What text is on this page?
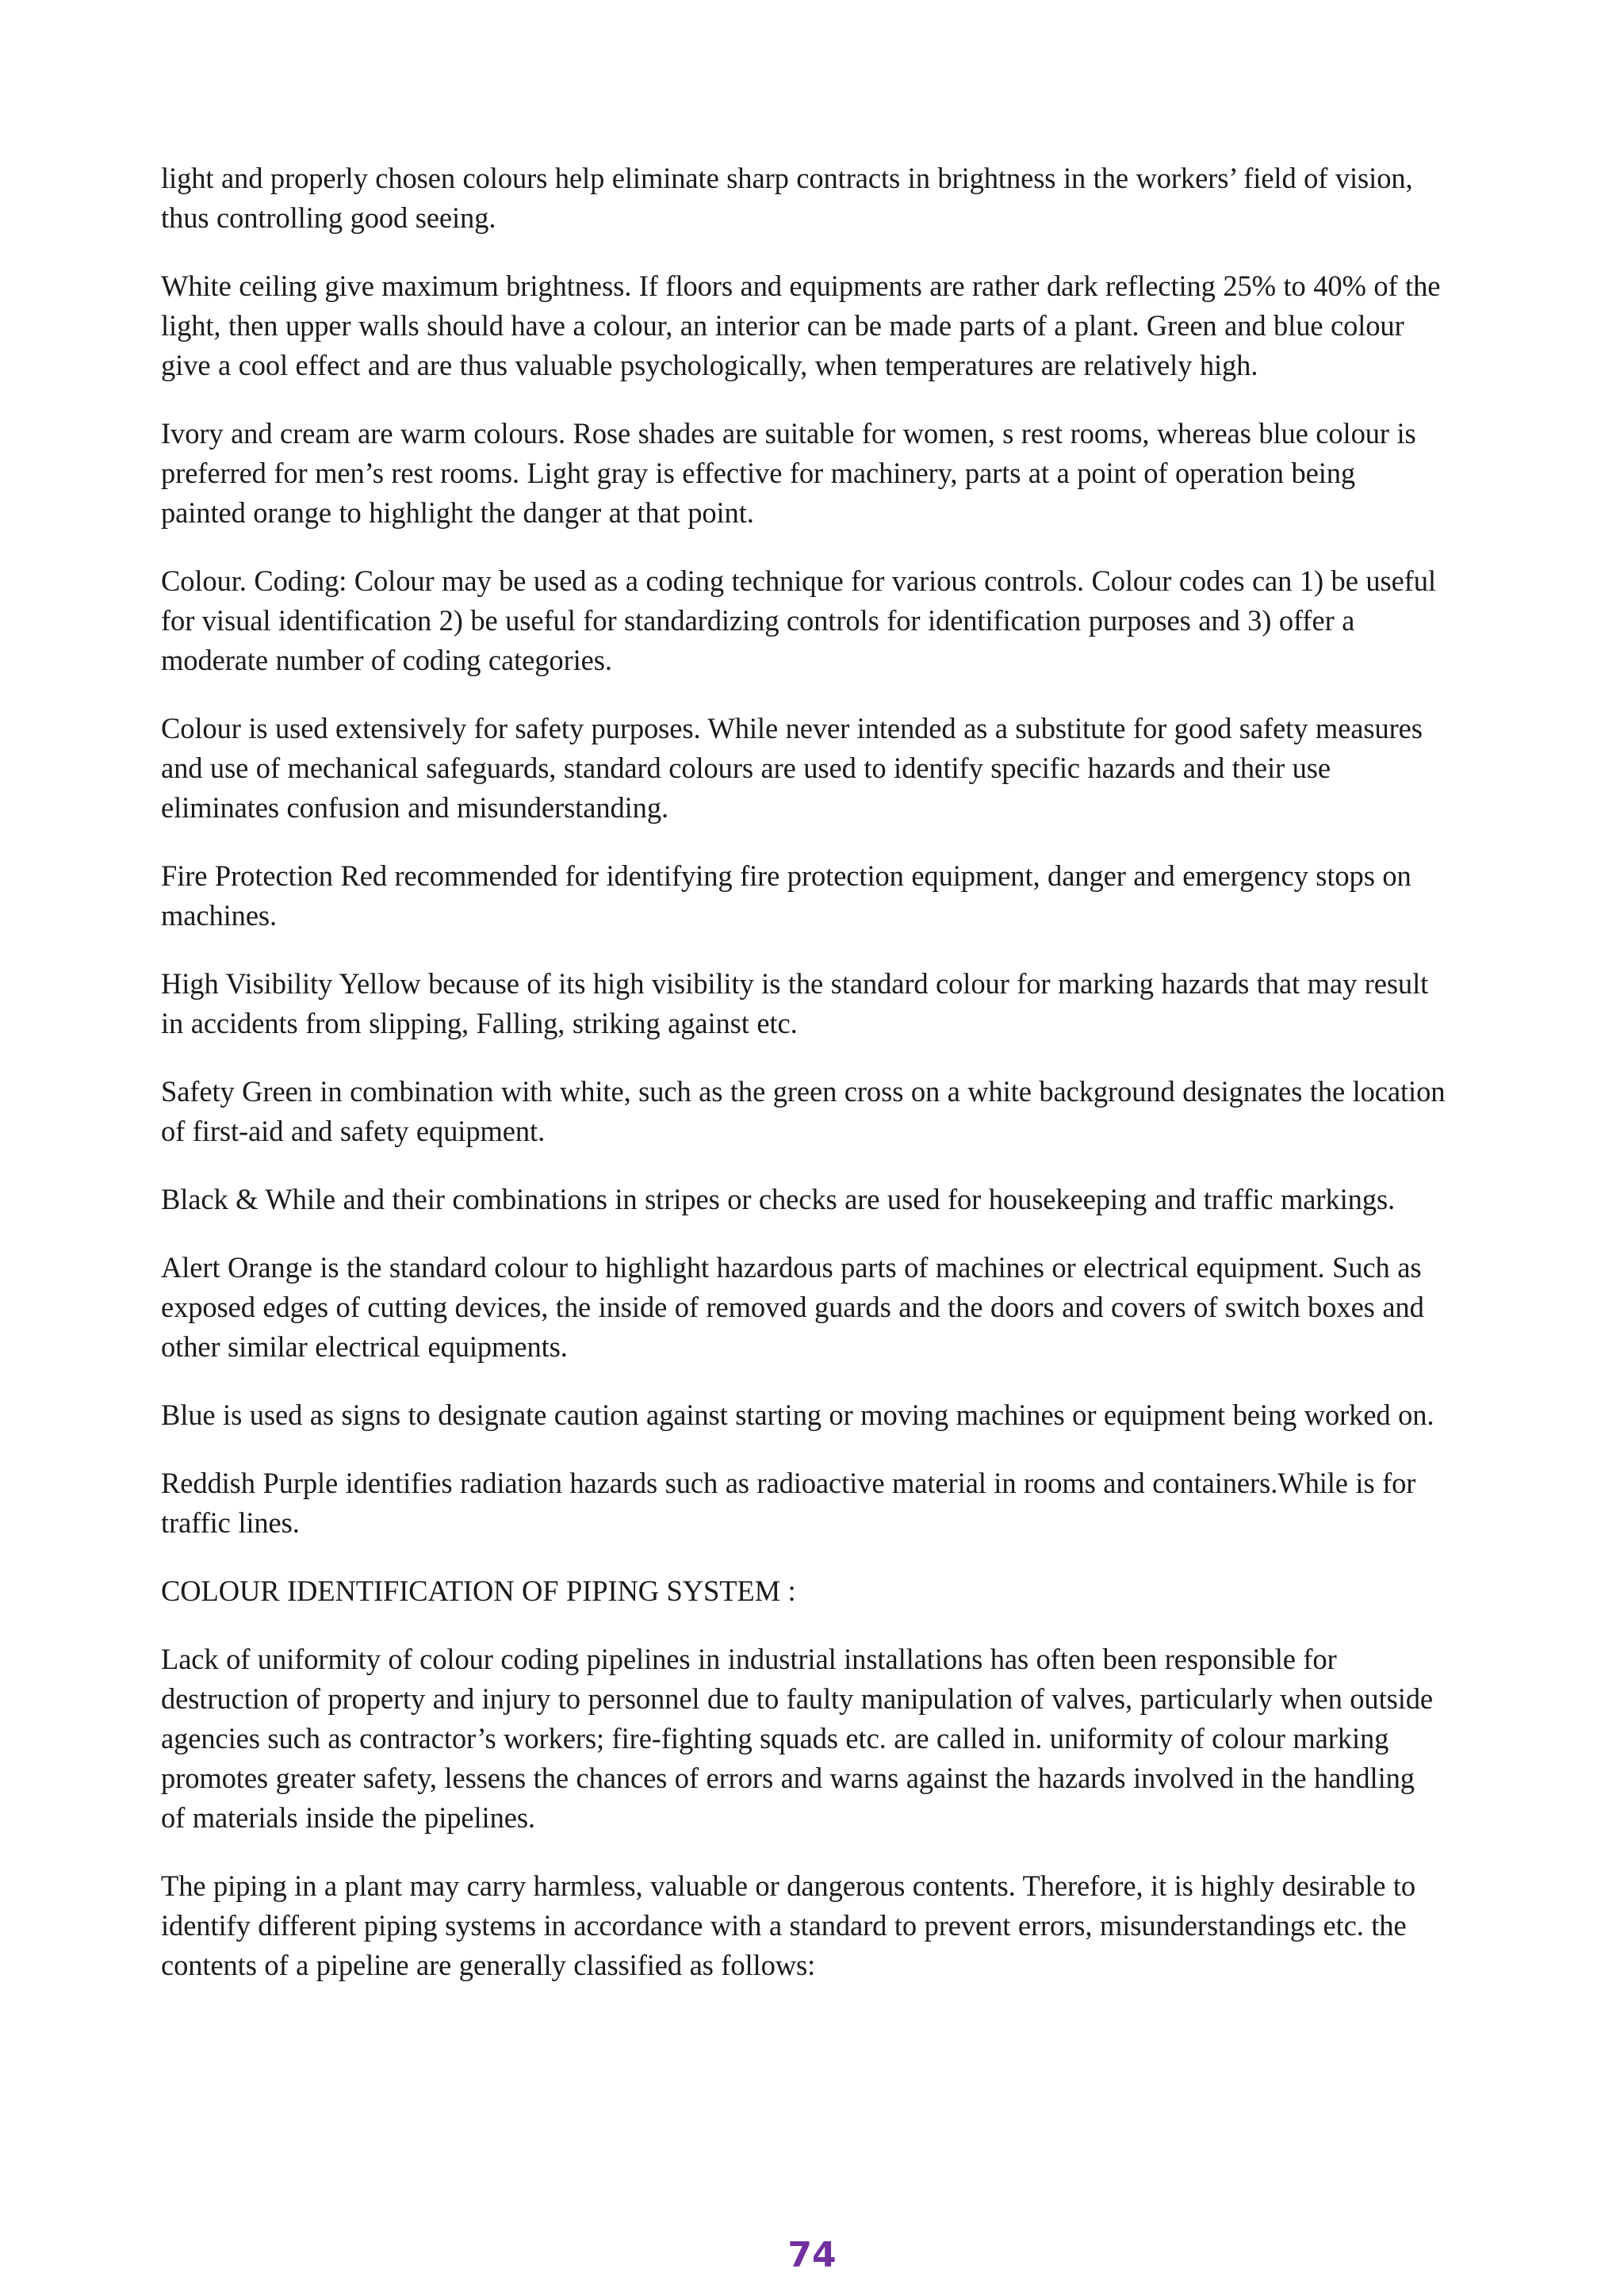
light and properly chosen colours help eliminate sharp contracts in brightness in the workers’ field of vision, thus controlling good seeing.

White ceiling give maximum brightness. If floors and equipments are rather dark reflecting 25% to 40% of the light, then upper walls should have a colour, an interior can be made parts of a plant. Green and blue colour give a cool effect and are thus valuable psychologically, when temperatures are relatively high.

Ivory and cream are warm colours. Rose shades are suitable for women, s rest rooms, whereas blue colour is preferred for men’s rest rooms. Light gray is effective for machinery, parts at a point of operation being painted orange to highlight the danger at that point.

Colour. Coding: Colour may be used as a coding technique for various controls. Colour codes can 1) be useful for visual identification 2) be useful for standardizing controls for identification purposes and 3) offer a moderate number of coding categories.

Colour is used extensively for safety purposes. While never intended as a substitute for good safety measures and use of mechanical safeguards, standard colours are used to identify specific hazards and their use eliminates confusion and misunderstanding.

Fire Protection Red recommended for identifying fire protection equipment, danger and emergency stops on machines.

High Visibility Yellow because of its high visibility is the standard colour for marking hazards that may result in accidents from slipping, Falling, striking against etc.

Safety Green in combination with white, such as the green cross on a white background designates the location of first-aid and safety equipment.

Black & While and their combinations in stripes or checks are used for housekeeping and traffic markings.

Alert Orange is the standard colour to highlight hazardous parts of machines or electrical equipment. Such as exposed edges of cutting devices, the inside of removed guards and the doors and covers of switch boxes and other similar electrical equipments.

Blue is used as signs to designate caution against starting or moving machines or equipment being worked on.

Reddish Purple identifies radiation hazards such as radioactive material in rooms and containers.While is for traffic lines.

COLOUR IDENTIFICATION OF PIPING SYSTEM :

Lack of uniformity of colour coding pipelines in industrial installations has often been responsible for destruction of property and injury to personnel due to faulty manipulation of valves, particularly when outside agencies such as contractor’s workers; fire-fighting squads etc. are called in. uniformity of colour marking promotes greater safety, lessens the chances of errors and warns against the hazards involved in the handling of materials inside the pipelines.

The piping in a plant may carry harmless, valuable or dangerous contents. Therefore, it is highly desirable to identify different piping systems in accordance with a standard to prevent errors, misunderstandings etc. the contents of a pipeline are generally classified as follows:

74
